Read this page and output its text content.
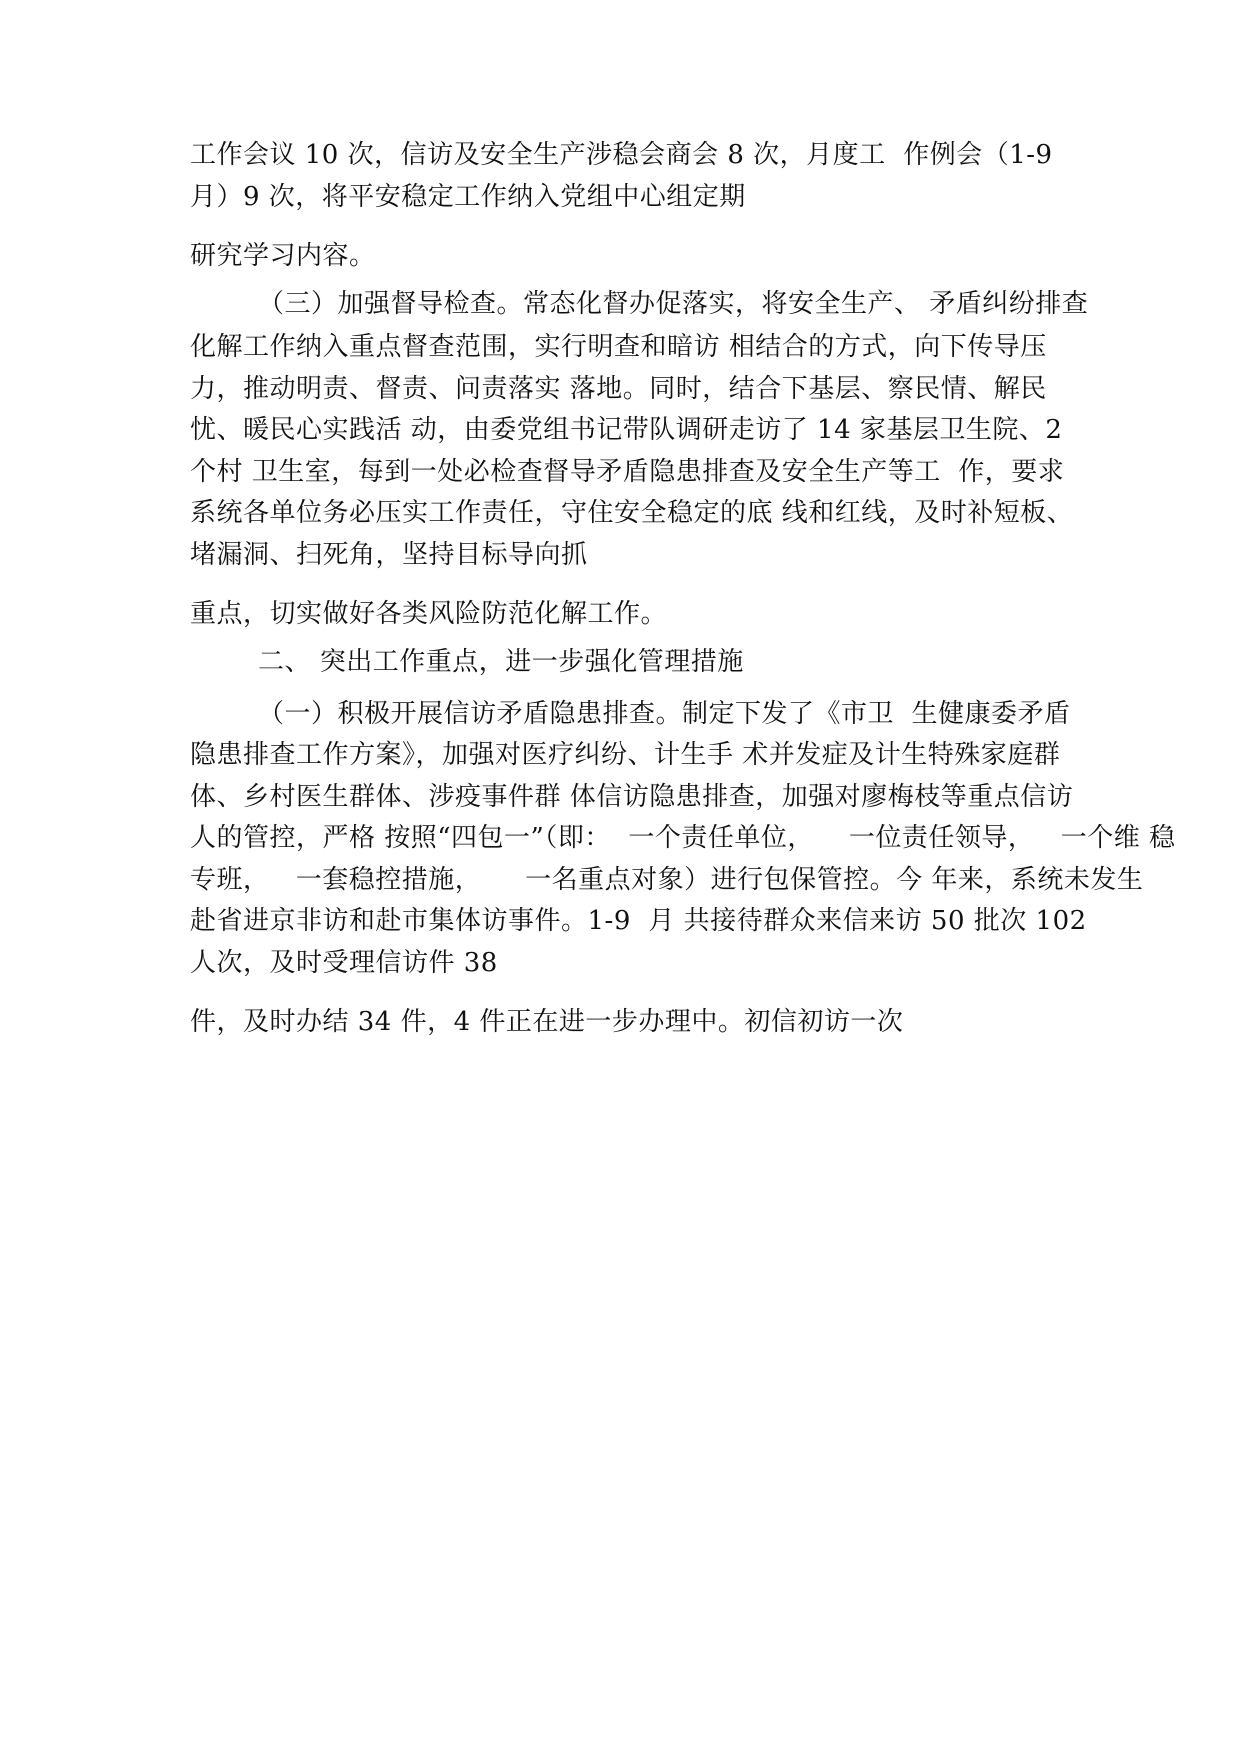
工作会议 10 次，信访及安全生产涉稳会商会 8 次，月度工  作例会（1-9
月）9 次，将平安稳定工作纳入党组中心组定期
研究学习内容。
（三）加强督导检查。常态化督办促落实，将安全生产、 矛盾纠纷排查
化解工作纳入重点督查范围，实行明查和暗访 相结合的方式，向下传导压
力，推动明责、督责、问责落实 落地。同时，结合下基层、察民情、解民
忧、暖民心实践活 动，由委党组书记带队调研走访了 14 家基层卫生院、2
个村 卫生室，每到一处必检查督导矛盾隐患排查及安全生产等工  作，要求
系统各单位务必压实工作责任，守住安全稳定的底 线和红线，及时补短板、
堵漏洞、扫死角，坚持目标导向抓
重点，切实做好各类风险防范化解工作。
二、 突出工作重点，进一步强化管理措施
（一）积极开展信访矛盾隐患排查。制定下发了《市卫  生健康委矛盾
隐患排查工作方案》，加强对医疗纠纷、计生手 术并发症及计生特殊家庭群
体、乡村医生群体、涉疫事件群 体信访隐患排查，加强对廖梅枝等重点信访
人的管控，严格 按照“四包一”（即：  一个责任单位，    一位责任领导，   一个维 稳
专班，   一套稳控措施，     一名重点对象）进行包保管控。今 年来，系统未发生
赴省进京非访和赴市集体访事件。1-9  月 共接待群众来信来访 50 批次 102
人次，及时受理信访件 38
件，及时办结 34 件，4 件正在进一步办理中。初信初访一次
